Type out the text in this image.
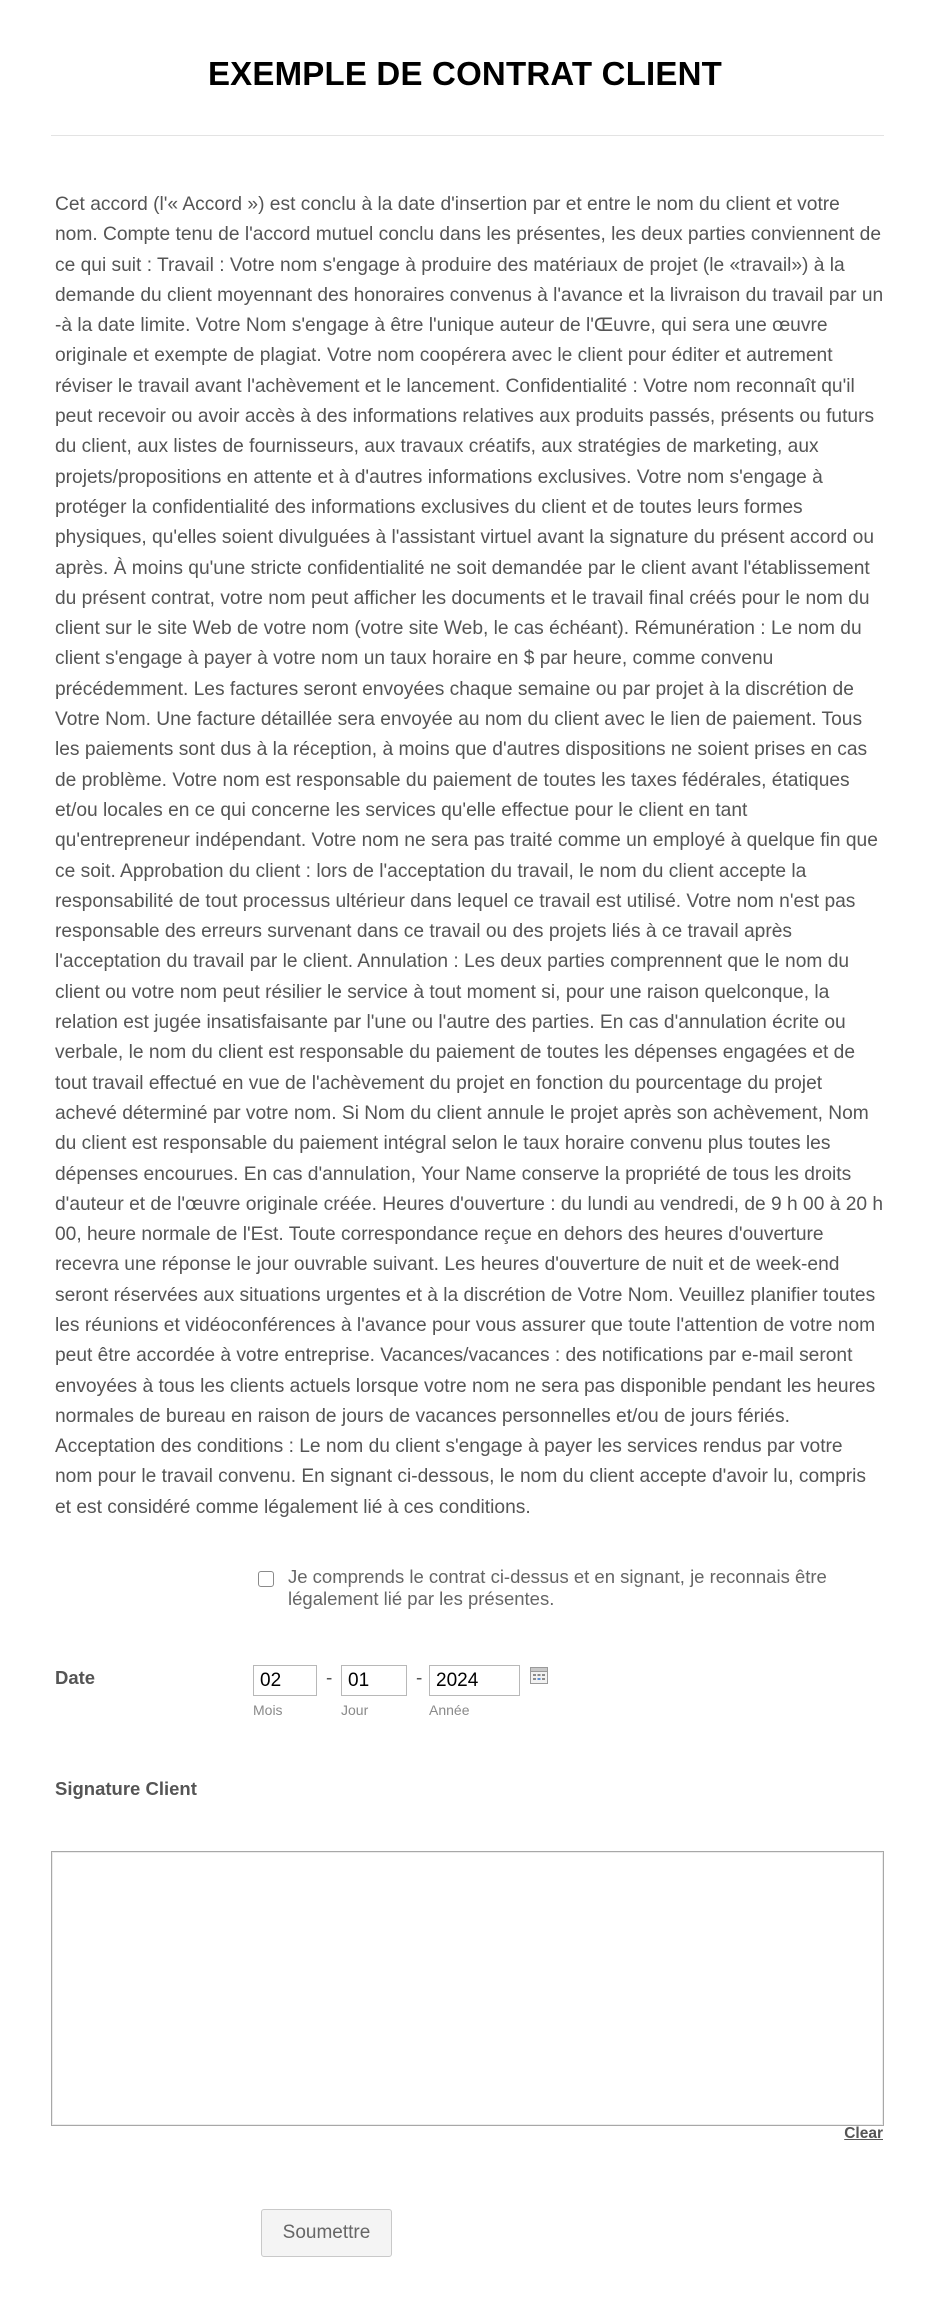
EXEMPLE DE CONTRAT CLIENT

Cet accord (l'« Accord ») est conclu à la date d'insertion par et entre le nom du client et votre nom. Compte tenu de l'accord mutuel conclu dans les présentes, les deux parties conviennent de ce qui suit : Travail : Votre nom s'engage à produire des matériaux de projet (le «travail») à la demande du client moyennant des honoraires convenus à l'avance et la livraison du travail par un -à la date limite. Votre Nom s'engage à être l'unique auteur de l'Œuvre, qui sera une œuvre originale et exempte de plagiat. Votre nom coopérera avec le client pour éditer et autrement réviser le travail avant l'achèvement et le lancement. Confidentialité : Votre nom reconnaît qu'il peut recevoir ou avoir accès à des informations relatives aux produits passés, présents ou futurs du client, aux listes de fournisseurs, aux travaux créatifs, aux stratégies de marketing, aux projets/propositions en attente et à d'autres informations exclusives. Votre nom s'engage à protéger la confidentialité des informations exclusives du client et de toutes leurs formes physiques, qu'elles soient divulguées à l'assistant virtuel avant la signature du présent accord ou après. À moins qu'une stricte confidentialité ne soit demandée par le client avant l'établissement du présent contrat, votre nom peut afficher les documents et le travail final créés pour le nom du client sur le site Web de votre nom (votre site Web, le cas échéant). Rémunération : Le nom du client s'engage à payer à votre nom un taux horaire en $ par heure, comme convenu précédemment. Les factures seront envoyées chaque semaine ou par projet à la discrétion de Votre Nom. Une facture détaillée sera envoyée au nom du client avec le lien de paiement. Tous les paiements sont dus à la réception, à moins que d'autres dispositions ne soient prises en cas de problème. Votre nom est responsable du paiement de toutes les taxes fédérales, étatiques et/ou locales en ce qui concerne les services qu'elle effectue pour le client en tant qu'entrepreneur indépendant. Votre nom ne sera pas traité comme un employé à quelque fin que ce soit. Approbation du client : lors de l'acceptation du travail, le nom du client accepte la responsabilité de tout processus ultérieur dans lequel ce travail est utilisé. Votre nom n'est pas responsable des erreurs survenant dans ce travail ou des projets liés à ce travail après l'acceptation du travail par le client. Annulation : Les deux parties comprennent que le nom du client ou votre nom peut résilier le service à tout moment si, pour une raison quelconque, la relation est jugée insatisfaisante par l'une ou l'autre des parties. En cas d'annulation écrite ou verbale, le nom du client est responsable du paiement de toutes les dépenses engagées et de tout travail effectué en vue de l'achèvement du projet en fonction du pourcentage du projet achevé déterminé par votre nom. Si Nom du client annule le projet après son achèvement, Nom du client est responsable du paiement intégral selon le taux horaire convenu plus toutes les dépenses encourues. En cas d'annulation, Your Name conserve la propriété de tous les droits d'auteur et de l'œuvre originale créée. Heures d'ouverture : du lundi au vendredi, de 9 h 00 à 20 h 00, heure normale de l'Est. Toute correspondance reçue en dehors des heures d'ouverture recevra une réponse le jour ouvrable suivant. Les heures d'ouverture de nuit et de week-end seront réservées aux situations urgentes et à la discrétion de Votre Nom. Veuillez planifier toutes les réunions et vidéoconférences à l'avance pour vous assurer que toute l'attention de votre nom peut être accordée à votre entreprise. Vacances/vacances : des notifications par e-mail seront envoyées à tous les clients actuels lorsque votre nom ne sera pas disponible pendant les heures normales de bureau en raison de jours de vacances personnelles et/ou de jours fériés. Acceptation des conditions : Le nom du client s'engage à payer les services rendus par votre nom pour le travail convenu. En signant ci-dessous, le nom du client accepte d'avoir lu, compris et est considéré comme légalement lié à ces conditions.

Je comprends le contrat ci-dessus et en signant, je reconnais être légalement lié par les présentes.
Date
02
Mois
-
01
Jour
-
2024
Année
Signature Client
Clear
Soumettre
